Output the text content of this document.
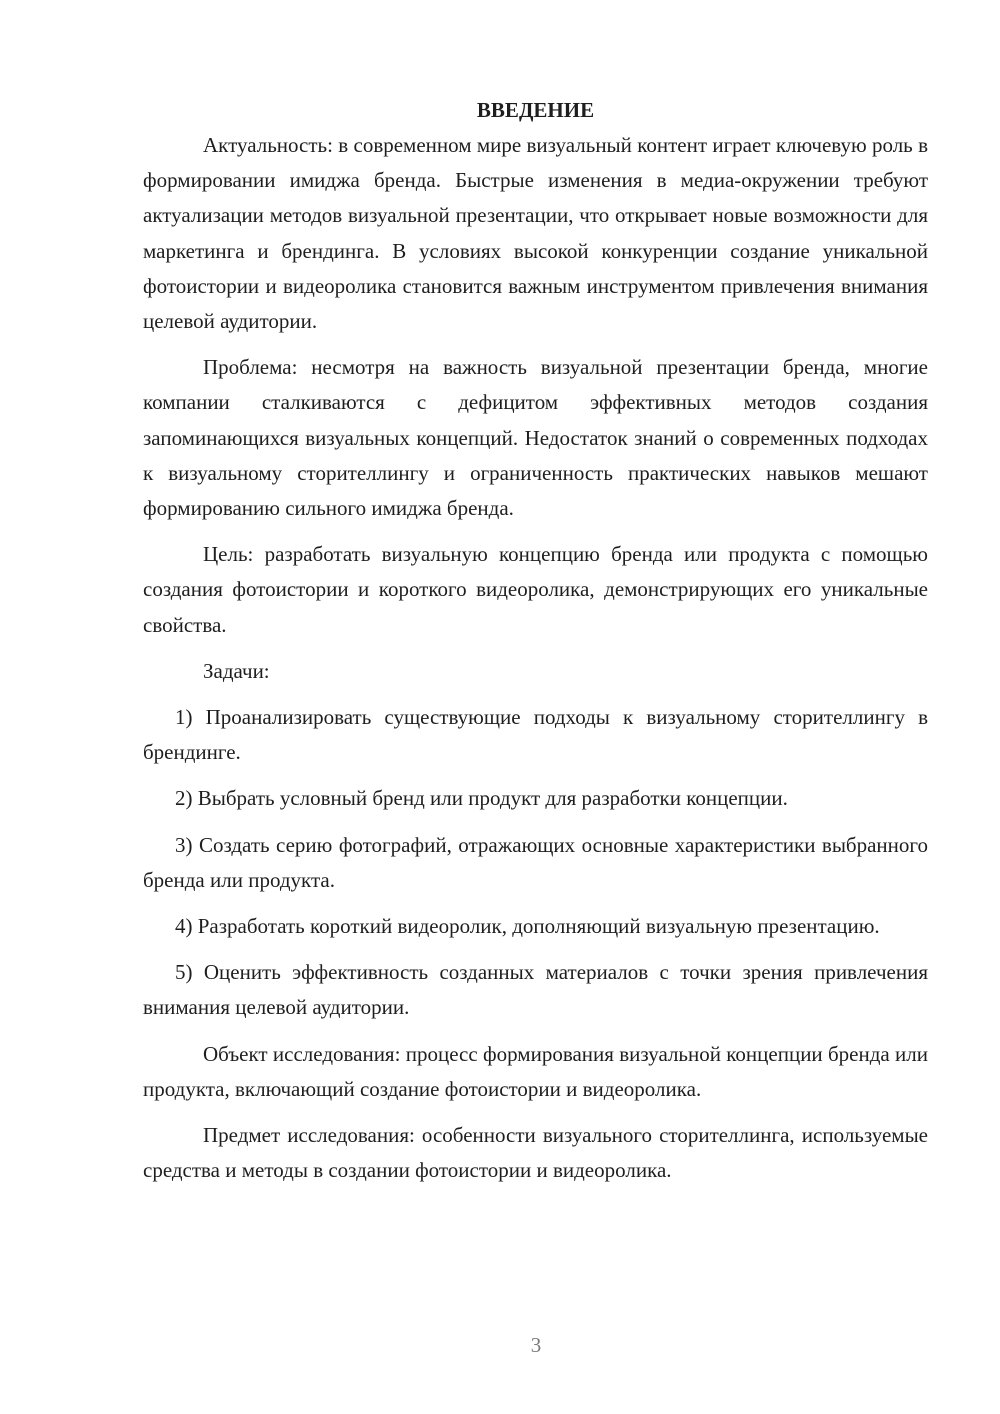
ВВЕДЕНИЕ

Актуальность: в современном мире визуальный контент играет ключевую роль в формировании имиджа бренда. Быстрые изменения в медиа-окружении требуют актуализации методов визуальной презентации, что открывает новые возможности для маркетинга и брендинга. В условиях высокой конкуренции создание уникальной фотоистории и видеоролика становится важным инструментом привлечения внимания целевой аудитории.

Проблема: несмотря на важность визуальной презентации бренда, многие компании сталкиваются с дефицитом эффективных методов создания запоминающихся визуальных концепций. Недостаток знаний о современных подходах к визуальному сторителлингу и ограниченность практических навыков мешают формированию сильного имиджа бренда.

Цель: разработать визуальную концепцию бренда или продукта с помощью создания фотоистории и короткого видеоролика, демонстрирующих его уникальные свойства.

Задачи:

1) Проанализировать существующие подходы к визуальному сторителлингу в брендинге.

2) Выбрать условный бренд или продукт для разработки концепции.

3) Создать серию фотографий, отражающих основные характеристики выбранного бренда или продукта.

4) Разработать короткий видеоролик, дополняющий визуальную презентацию.

5) Оценить эффективность созданных материалов с точки зрения привлечения внимания целевой аудитории.

Объект исследования: процесс формирования визуальной концепции бренда или продукта, включающий создание фотоистории и видеоролика.

Предмет исследования: особенности визуального сторителлинга, используемые средства и методы в создании фотоистории и видеоролика.

3
